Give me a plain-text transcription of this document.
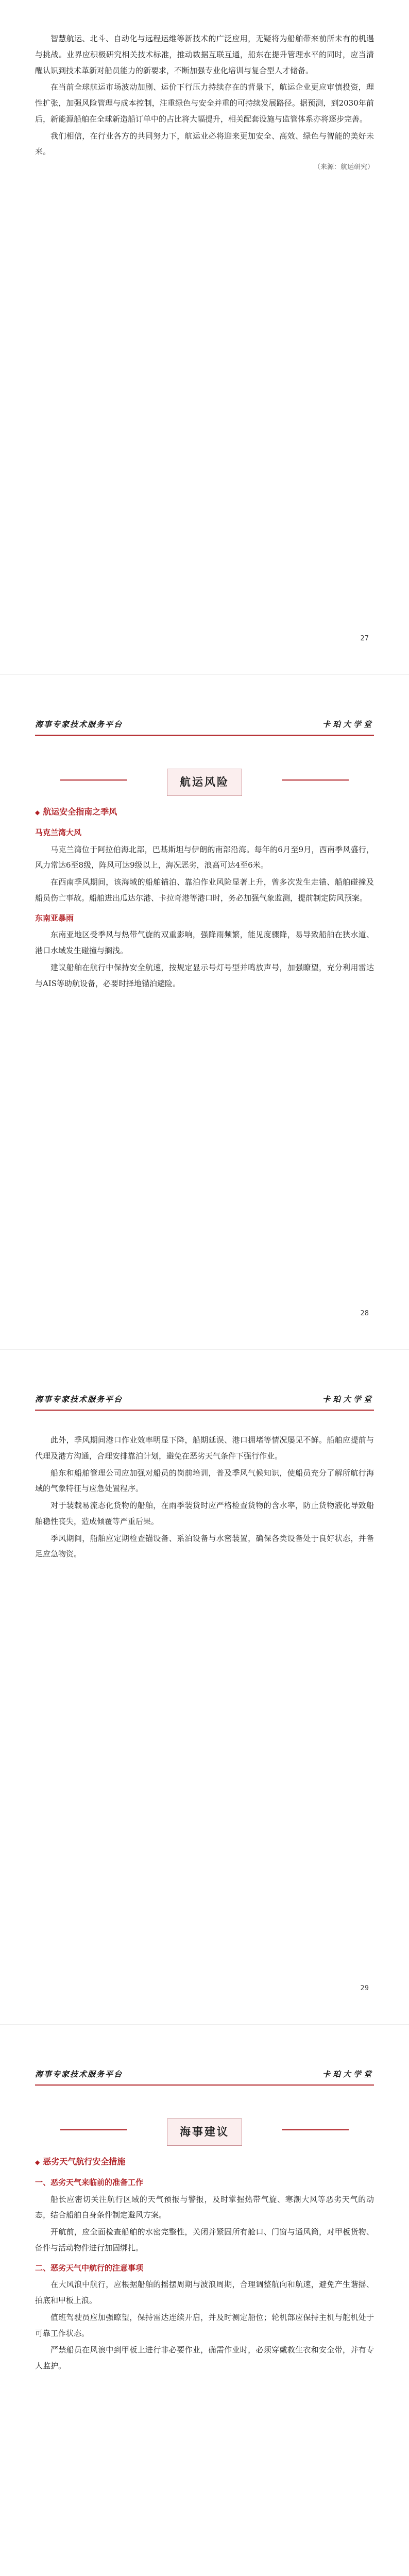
智慧航运、北斗、自动化与远程运维等新技术的广泛应用，无疑将为船舶带来前所未有的机遇与挑战。业界应积极研究相关技术标准，推动数据互联互通，船东在提升管理水平的同时，应当清醒认识到技术革新对船员能力的新要求，不断加强专业化培训与复合型人才储备。

在当前全球航运市场波动加剧、运价下行压力持续存在的背景下，航运企业更应审慎投资，理性扩张，加强风险管理与成本控制，注重绿色与安全并重的可持续发展路径。据预测，到2030年前后，新能源船舶在全球新造船订单中的占比将大幅提升，相关配套设施与监管体系亦将逐步完善。

我们相信，在行业各方的共同努力下，航运业必将迎来更加安全、高效、绿色与智能的美好未来。

（来源：航运研究）
27
海事专家技术服务平台	卡珀大学堂
航运风险
◆ 航运安全指南之季风
马克兰湾大风

马克兰湾位于阿拉伯海北部，巴基斯坦与伊朗的南部沿海。每年的6月至9月，西南季风盛行，风力常达6至8级，阵风可达9级以上，海况恶劣，浪高可达4至6米。

在西南季风期间，该海域的船舶锚泊、靠泊作业风险显著上升，曾多次发生走锚、船舶碰撞及船员伤亡事故。船舶进出瓜达尔港、卡拉奇港等港口时，务必加强气象监测，提前制定防风预案。

东南亚暴雨

东南亚地区受季风与热带气旋的双重影响，强降雨频繁，能见度骤降，易导致船舶在狭水道、港口水域发生碰撞与搁浅。

建议船舶在航行中保持安全航速，按规定显示号灯号型并鸣放声号，加强瞭望，充分利用雷达与AIS等助航设备，必要时择地锚泊避险。

28
海事专家技术服务平台	卡珀大学堂

此外，季风期间港口作业效率明显下降，船期延误、港口拥堵等情况屡见不鲜。船舶应提前与代理及港方沟通，合理安排靠泊计划，避免在恶劣天气条件下强行作业。

船东和船舶管理公司应加强对船员的岗前培训，普及季风气候知识，使船员充分了解所航行海域的气象特征与应急处置程序。

对于装载易流态化货物的船舶，在雨季装货时应严格检查货物的含水率，防止货物液化导致船舶稳性丧失，造成倾覆等严重后果。

季风期间，船舶应定期检查锚设备、系泊设备与水密装置，确保各类设备处于良好状态，并备足应急物资。

29
海事专家技术服务平台	卡珀大学堂
海事建议
◆ 恶劣天气航行安全措施
一、恶劣天气来临前的准备工作

船长应密切关注航行区域的天气预报与警报，及时掌握热带气旋、寒潮大风等恶劣天气的动态，结合船舶自身条件制定避风方案。

开航前，应全面检查船舶的水密完整性，关闭并紧固所有舱口、门窗与通风筒，对甲板货物、备件与活动物件进行加固绑扎。

二、恶劣天气中航行的注意事项

在大风浪中航行，应根据船舶的摇摆周期与波浪周期，合理调整航向和航速，避免产生谐摇、拍底和甲板上浪。

值班驾驶员应加强瞭望，保持雷达连续开启，并及时测定船位；轮机部应保持主机与舵机处于可靠工作状态。

严禁船员在风浪中到甲板上进行非必要作业，确需作业时，必须穿戴救生衣和安全带，并有专人监护。
